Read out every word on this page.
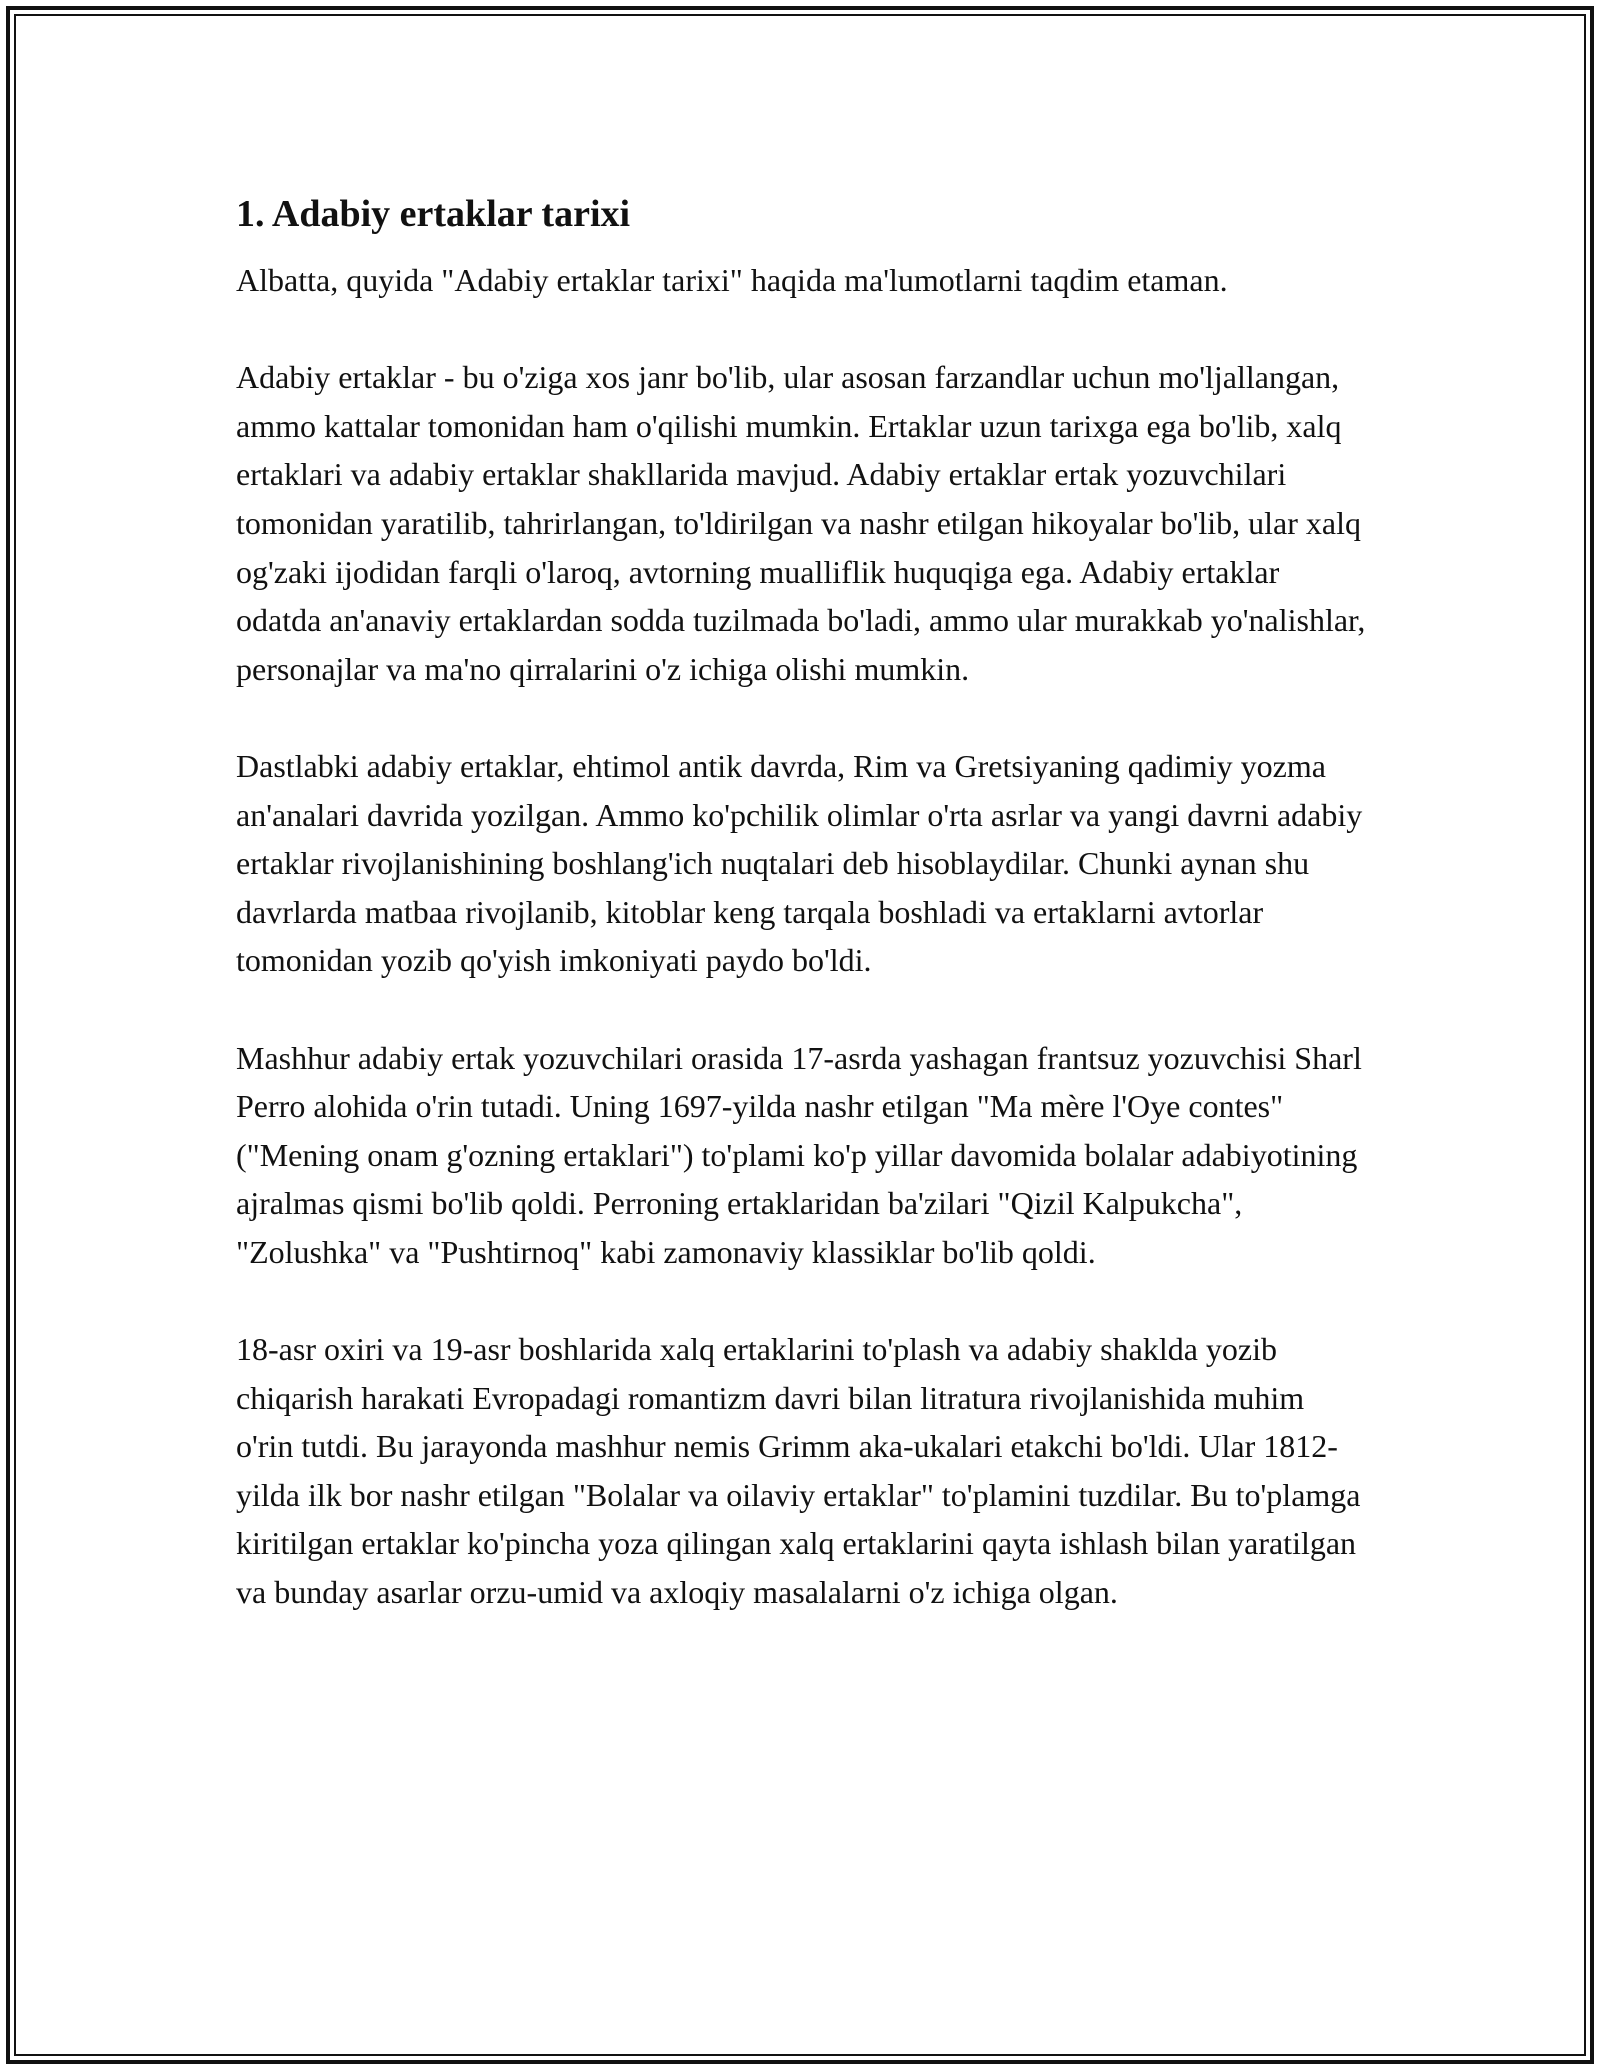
1. Adabiy ertaklar tarixi

Albatta, quyida "Adabiy ertaklar tarixi" haqida ma'lumotlarni taqdim etaman.

Adabiy ertaklar - bu o'ziga xos janr bo'lib, ular asosan farzandlar uchun mo'ljallangan, ammo kattalar tomonidan ham o'qilishi mumkin. Ertaklar uzun tarixga ega bo'lib, xalq ertaklari va adabiy ertaklar shakllarida mavjud. Adabiy ertaklar ertak yozuvchilari tomonidan yaratilib, tahrirlangan, to'ldirilgan va nashr etilgan hikoyalar bo'lib, ular xalq og'zaki ijodidan farqli o'laroq, avtorning mualliflik huquqiga ega. Adabiy ertaklar odatda an'anaviy ertaklardan sodda tuzilmada bo'ladi, ammo ular murakkab yo'nalishlar, personajlar va ma'no qirralarini o'z ichiga olishi mumkin.

Dastlabki adabiy ertaklar, ehtimol antik davrda, Rim va Gretsiyaning qadimiy yozma an'analari davrida yozilgan. Ammo ko'pchilik olimlar o'rta asrlar va yangi davrni adabiy ertaklar rivojlanishining boshlang'ich nuqtalari deb hisoblaydilar. Chunki aynan shu davrlarda matbaa rivojlanib, kitoblar keng tarqala boshladi va ertaklarni avtorlar tomonidan yozib qo'yish imkoniyati paydo bo'ldi.

Mashhur adabiy ertak yozuvchilari orasida 17-asrda yashagan frantsuz yozuvchisi Sharl Perro alohida o'rin tutadi. Uning 1697-yilda nashr etilgan "Ma mère l'Oye contes" ("Mening onam g'ozning ertaklari") to'plami ko'p yillar davomida bolalar adabiyotining ajralmas qismi bo'lib qoldi. Perroning ertaklaridan ba'zilari "Qizil Kalpukcha", "Zolushka" va "Pushtirnoq" kabi zamonaviy klassiklar bo'lib qoldi.

18-asr oxiri va 19-asr boshlarida xalq ertaklarini to'plash va adabiy shaklda yozib chiqarish harakati Evropadagi romantizm davri bilan litratura rivojlanishida muhim o'rin tutdi. Bu jarayonda mashhur nemis Grimm aka-ukalari etakchi bo'ldi. Ular 1812-yilda ilk bor nashr etilgan "Bolalar va oilaviy ertaklar" to'plamini tuzdilar. Bu to'plamga kiritilgan ertaklar ko'pincha yoza qilingan xalq ertaklarini qayta ishlash bilan yaratilgan va bunday asarlar orzu-umid va axloqiy masalalarni o'z ichiga olgan.
